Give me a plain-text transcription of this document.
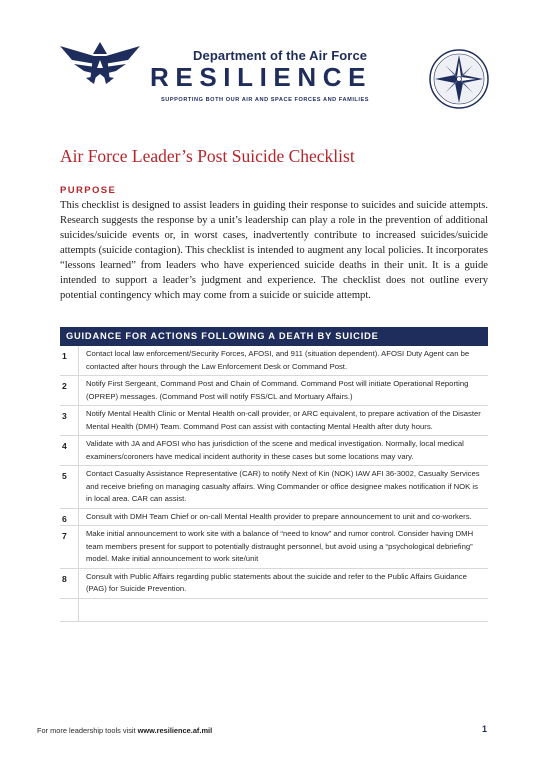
Department of the Air Force
RESILIENCE
SUPPORTING BOTH OUR AIR AND SPACE FORCES AND FAMILIES
Air Force Leader’s Post Suicide Checklist
PURPOSE

This checklist is designed to assist leaders in guiding their response to suicides and suicide attempts. Research suggests the response by a unit’s leadership can play a role in the prevention of additional suicides/suicide events or, in worst cases, inadvertently contribute to increased suicides/suicide attempts (suicide contagion). This checklist is intended to augment any local policies. It incorporates “lessons learned” from leaders who have experienced suicide deaths in their unit. It is a guide intended to support a leader’s judgment and experience. The checklist does not outline every potential contingency which may come from a suicide or suicide attempt.

GUIDANCE FOR ACTIONS FOLLOWING A DEATH BY SUICIDE
1	Contact local law enforcement/Security Forces, AFOSI, and 911 (situation dependent). AFOSI Duty Agent can be contacted after hours through the Law Enforcement Desk or Command Post.
2	Notify First Sergeant, Command Post and Chain of Command. Command Post will initiate Operational Reporting (OPREP) messages. (Command Post will notify FSS/CL and Mortuary Affairs.)
3	Notify Mental Health Clinic or Mental Health on-call provider, or ARC equivalent, to prepare activation of the Disaster Mental Health (DMH) Team. Command Post can assist with contacting Mental Health after duty hours.
4	Validate with JA and AFOSI who has jurisdiction of the scene and medical investigation. Normally, local medical examiners/coroners have medical incident authority in these cases but some locations may vary.
5	Contact Casualty Assistance Representative (CAR) to notify Next of Kin (NOK) IAW AFI 36-3002, Casualty Services and receive briefing on managing casualty affairs. Wing Commander or office designee makes notification if NOK is in local area. CAR can assist.
6	Consult with DMH Team Chief or on-call Mental Health provider to prepare announcement to unit and co-workers.
7	Make initial announcement to work site with a balance of “need to know” and rumor control. Consider having DMH team members present for support to potentially distraught personnel, but avoid using a “psychological debriefing” model. Make initial announcement to work site/unit
8	Consult with Public Affairs regarding public statements about the suicide and refer to the Public Affairs Guidance (PAG) for Suicide Prevention.
For more leadership tools visit www.resilience.af.mil	1
